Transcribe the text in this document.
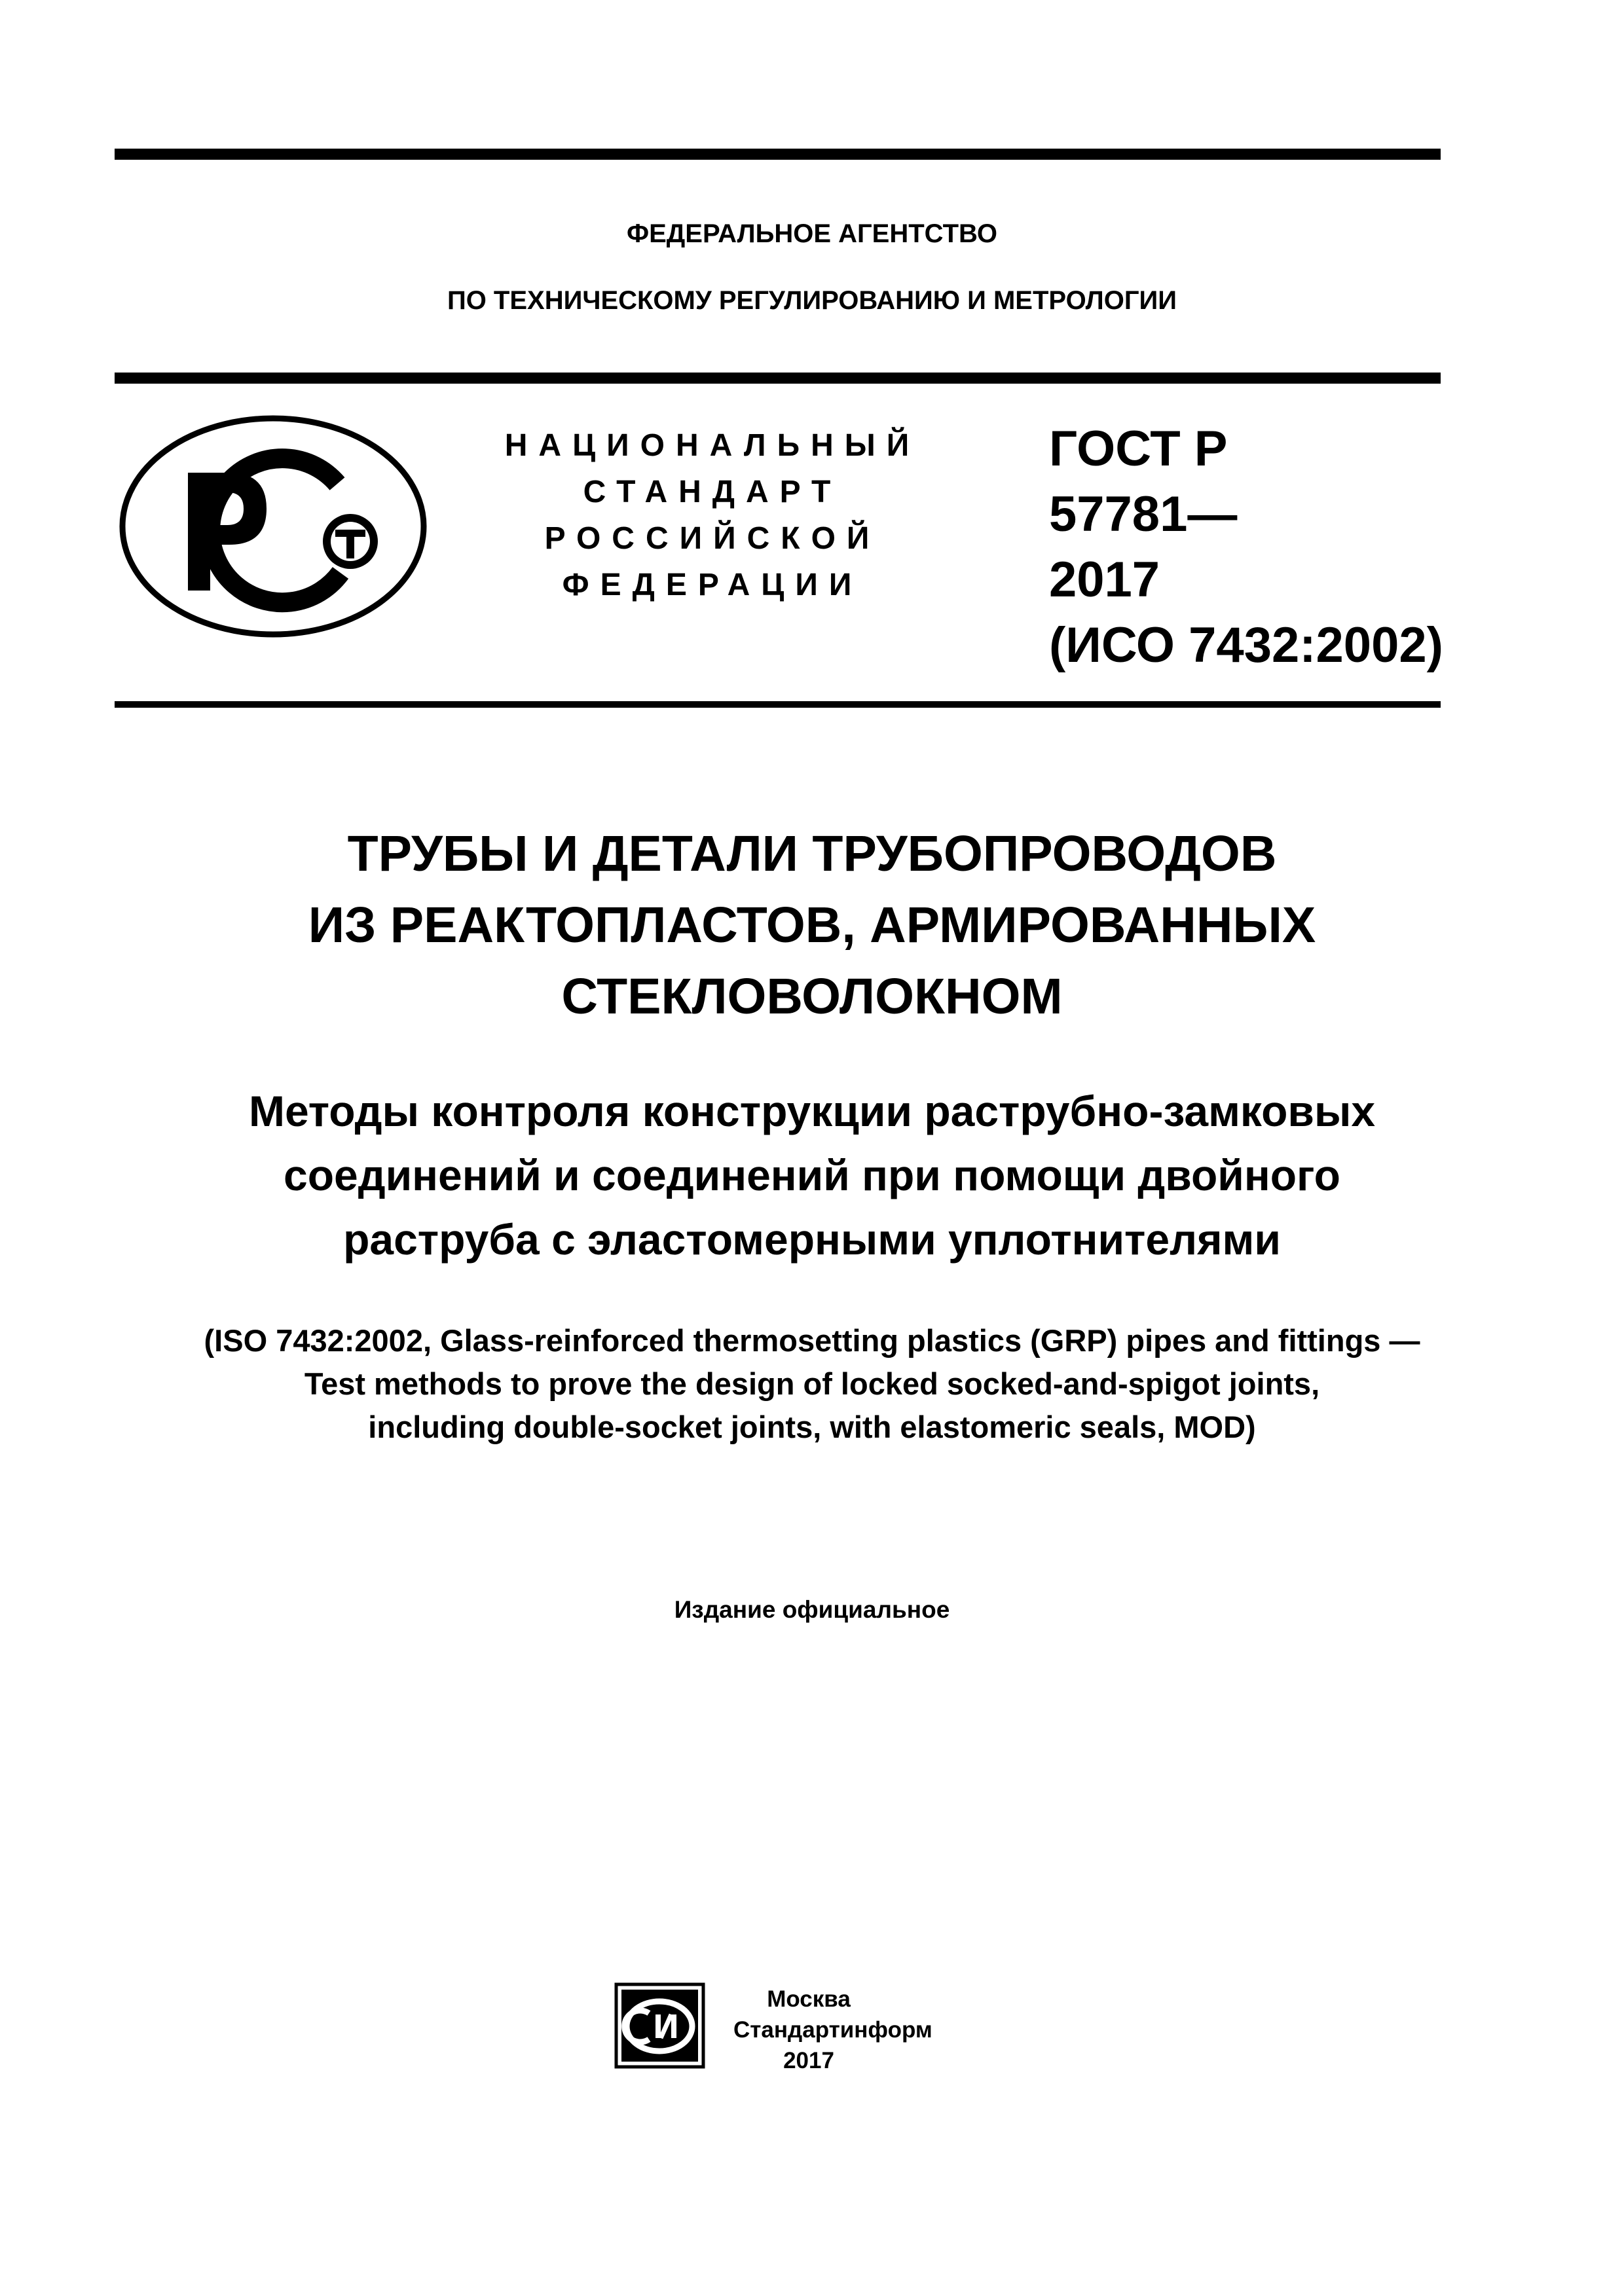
ФЕДЕРАЛЬНОЕ АГЕНТСТВО
ПО ТЕХНИЧЕСКОМУ РЕГУЛИРОВАНИЮ И МЕТРОЛОГИИ
НАЦИОНАЛЬНЫЙ
СТАНДАРТ
РОССИЙСКОЙ
ФЕДЕРАЦИИ
ГОСТ Р
57781—
2017
(ИСО 7432:2002)
ТРУБЫ И ДЕТАЛИ ТРУБОПРОВОДОВ
ИЗ РЕАКТОПЛАСТОВ, АРМИРОВАННЫХ
СТЕКЛОВОЛОКНОМ
Методы контроля конструкции раструбно-замковых
соединений и соединений при помощи двойного
раструба с эластомерными уплотнителями
(ISO 7432:2002, Glass-reinforced thermosetting plastics (GRP) pipes and fittings —
Test methods to prove the design of locked socked-and-spigot joints,
including double-socket joints, with elastomeric seals, MOD)
Издание официальное
Москва
Стандартинформ
2017
